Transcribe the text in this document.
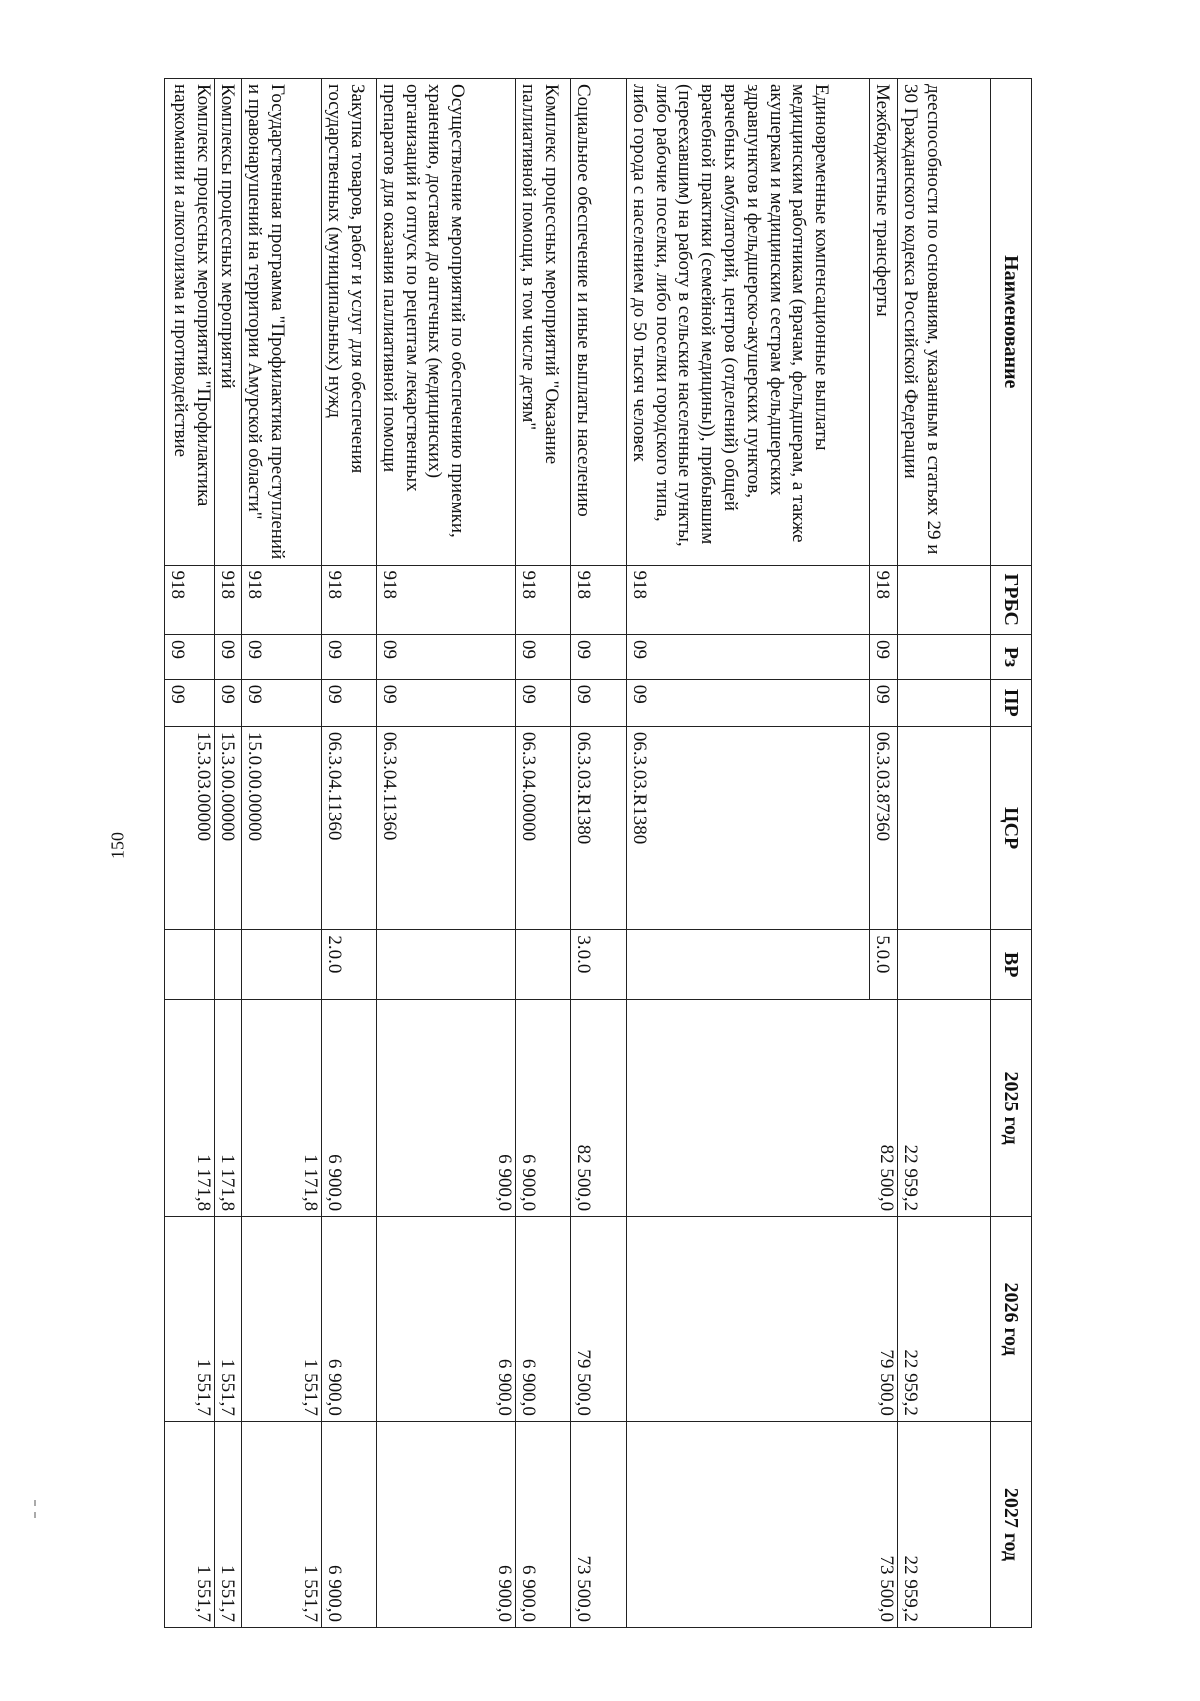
150
Наименование	ГРБС	Рз	ПР	ЦСР	ВР	2025 год	2026 год	2027 год
дееспособности по основаниям, указанным в статьях 29 и 30 Гражданского кодекса Российской Федерации						22 959,2	22 959,2	22 959,2
Межбюджетные трансферты	918	09	09	06.3.03.87360	5.0.0	82 500,0	79 500,0	73 500,0
Единовременные компенсационные выплаты медицинским работникам (врачам, фельдшерам, а также акушеркам и медицинским сестрам фельдшерских здравпунктов и фельдшерско-акушерских пунктов, врачебных амбулаторий, центров (отделений) общей врачебной практики (семейной медицины)), прибывшим (переехавшим) на работу в сельские населенные пункты, либо рабочие поселки, либо поселки городского типа, либо города с населением до 50 тысяч человек	918	09	09	06.3.03.R1380				
Социальное обеспечение и иные выплаты населению	918	09	09	06.3.03.R1380	3.0.0	82 500,0	79 500,0	73 500,0
Комплекс процессных мероприятий "Оказание паллиативной помощи, в том числе детям"	918	09	09	06.3.04.00000		6 900,0	6 900,0	6 900,0
Осуществление мероприятий по обеспечению приемки, хранению, доставки до аптечных (медицинских) организаций и отпуск по рецептам лекарственных препаратов для оказания паллиативной помощи	918	09	09	06.3.04.11360		6 900,0	6 900,0	6 900,0
Закупка товаров, работ и услуг для обеспечения государственных (муниципальных) нужд	918	09	09	06.3.04.11360	2.0.0	6 900,0	6 900,0	6 900,0
Государственная программа "Профилактика преступлений и правонарушений на территории Амурской области"	918	09	09	15.0.00.00000		1 171,8	1 551,7	1 551,7
Комплексы процессных мероприятий	918	09	09	15.3.00.00000		1 171,8	1 551,7	1 551,7
Комплекс процессных мероприятий "Профилактика наркомании и алкоголизма и противодействие	918	09	09	15.3.03.00000		1 171,8	1 551,7	1 551,7
